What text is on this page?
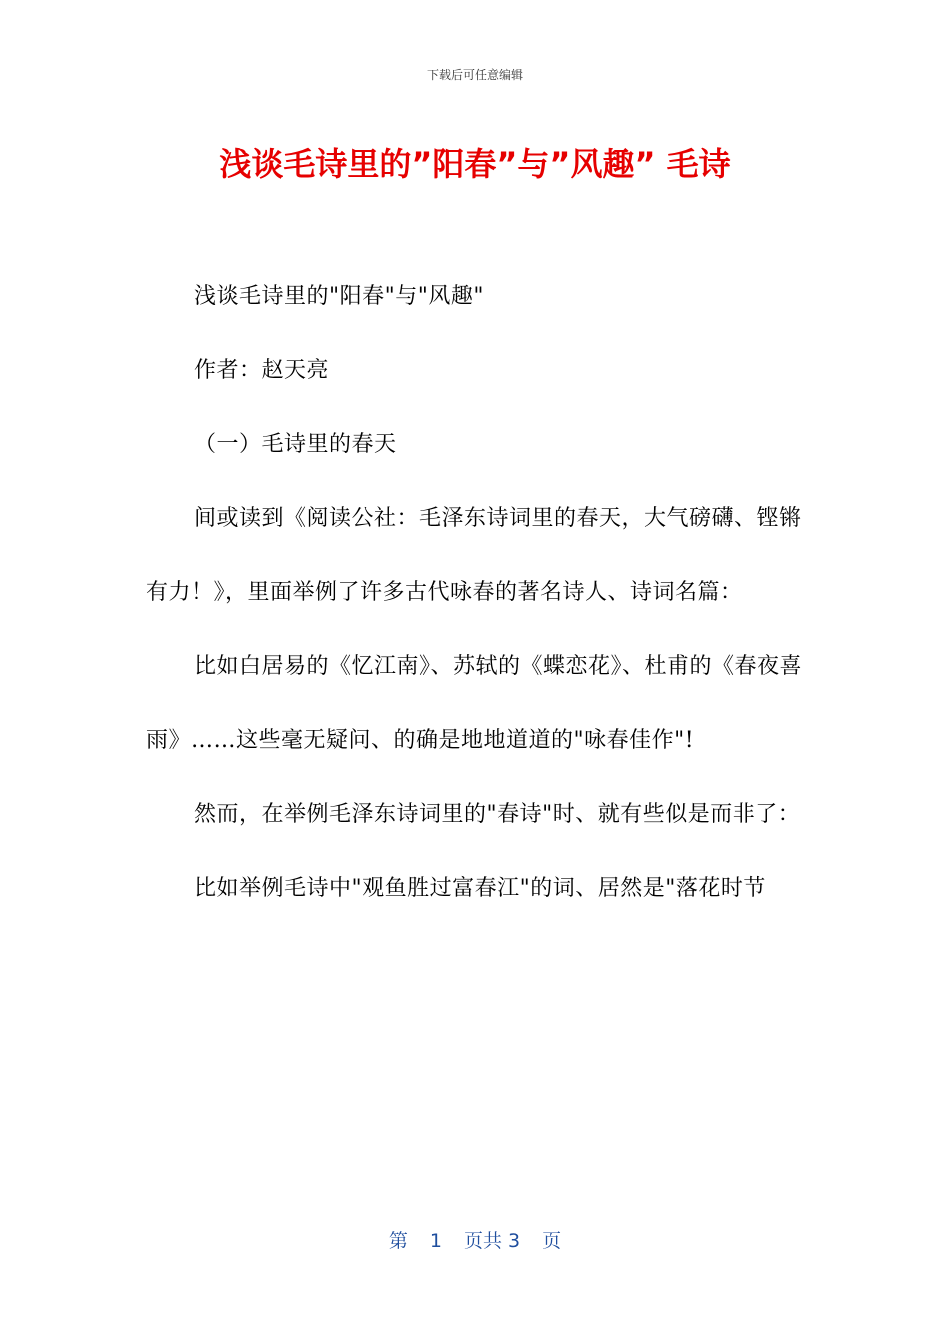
下载后可任意编辑
浅谈毛诗里的”阳春”与”风趣” 毛诗

浅谈毛诗里的"阳春"与"风趣"

作者：赵天亮

（一）毛诗里的春天

间或读到《阅读公社：毛泽东诗词里的春天，大气磅礴、铿锵有力！》，里面举例了许多古代咏春的著名诗人、诗词名篇：

比如白居易的《忆江南》、苏轼的《蝶恋花》、杜甫的《春夜喜雨》……这些毫无疑问、的确是地地道道的"咏春佳作"!

然而，在举例毛泽东诗词里的"春诗"时、就有些似是而非了：

比如举例毛诗中"观鱼胜过富春江"的词、居然是"落花时节

第 1 页共 3 页
